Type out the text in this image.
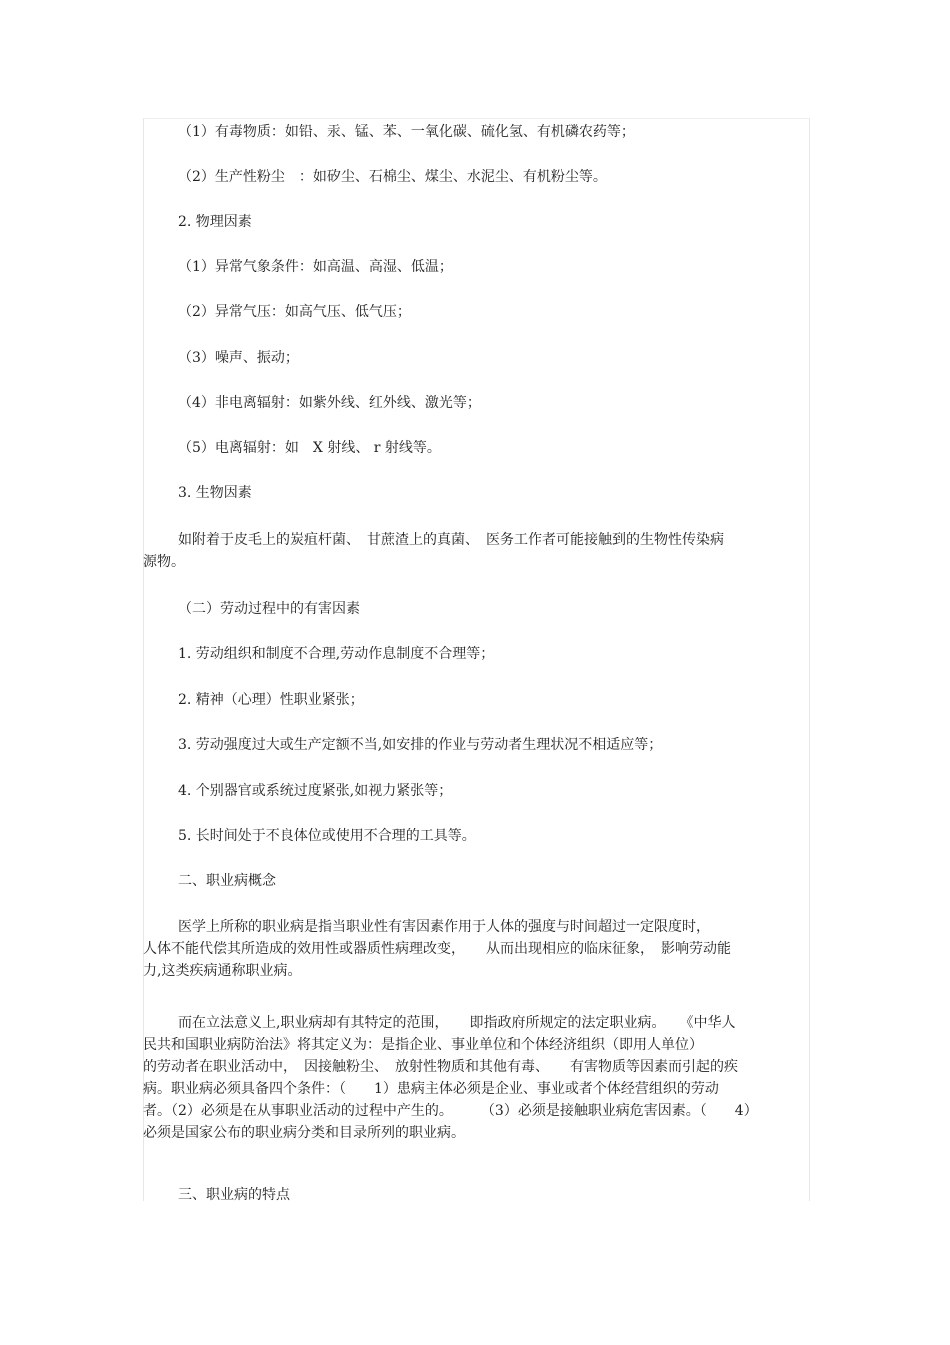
（1）有毒物质：如铅、汞、锰、苯、一氧化碳、硫化氢、有机磷农药等；
（2）生产性粉尘　：如矽尘、石棉尘、煤尘、水泥尘、有机粉尘等。
2. 物理因素
（1）异常气象条件：如高温、高湿、低温；
（2）异常气压：如高气压、低气压；
（3）噪声、振动；
（4）非电离辐射：如紫外线、红外线、激光等；
（5）电离辐射：如　X 射线、 r 射线等。
3. 生物因素
如附着于皮毛上的炭疽杆菌、　甘蔗渣上的真菌、　医务工作者可能接触到的生物性传染病
源物。
（二）劳动过程中的有害因素
1. 劳动组织和制度不合理,劳动作息制度不合理等；
2. 精神（心理）性职业紧张；
3. 劳动强度过大或生产定额不当,如安排的作业与劳动者生理状况不相适应等；
4. 个别器官或系统过度紧张,如视力紧张等；
5. 长时间处于不良体位或使用不合理的工具等。
二、职业病概念
医学上所称的职业病是指当职业性有害因素作用于人体的强度与时间超过一定限度时，
人体不能代偿其所造成的效用性或器质性病理改变，　　从而出现相应的临床征象，　影响劳动能
力,这类疾病通称职业病。
而在立法意义上,职业病却有其特定的范围，　　即指政府所规定的法定职业病。　　《中华人
民共和国职业病防治法》将其定义为：是指企业、事业单位和个体经济组织（即用人单位）
的劳动者在职业活动中，　因接触粉尘、　放射性物质和其他有毒、　　有害物质等因素而引起的疾
病。职业病必须具备四个条件：（　　1）患病主体必须是企业、事业或者个体经营组织的劳动
者。（2）必须是在从事职业活动的过程中产生的。　　　（3）必须是接触职业病危害因素。（　　4）
必须是国家公布的职业病分类和目录所列的职业病。
三、职业病的特点
